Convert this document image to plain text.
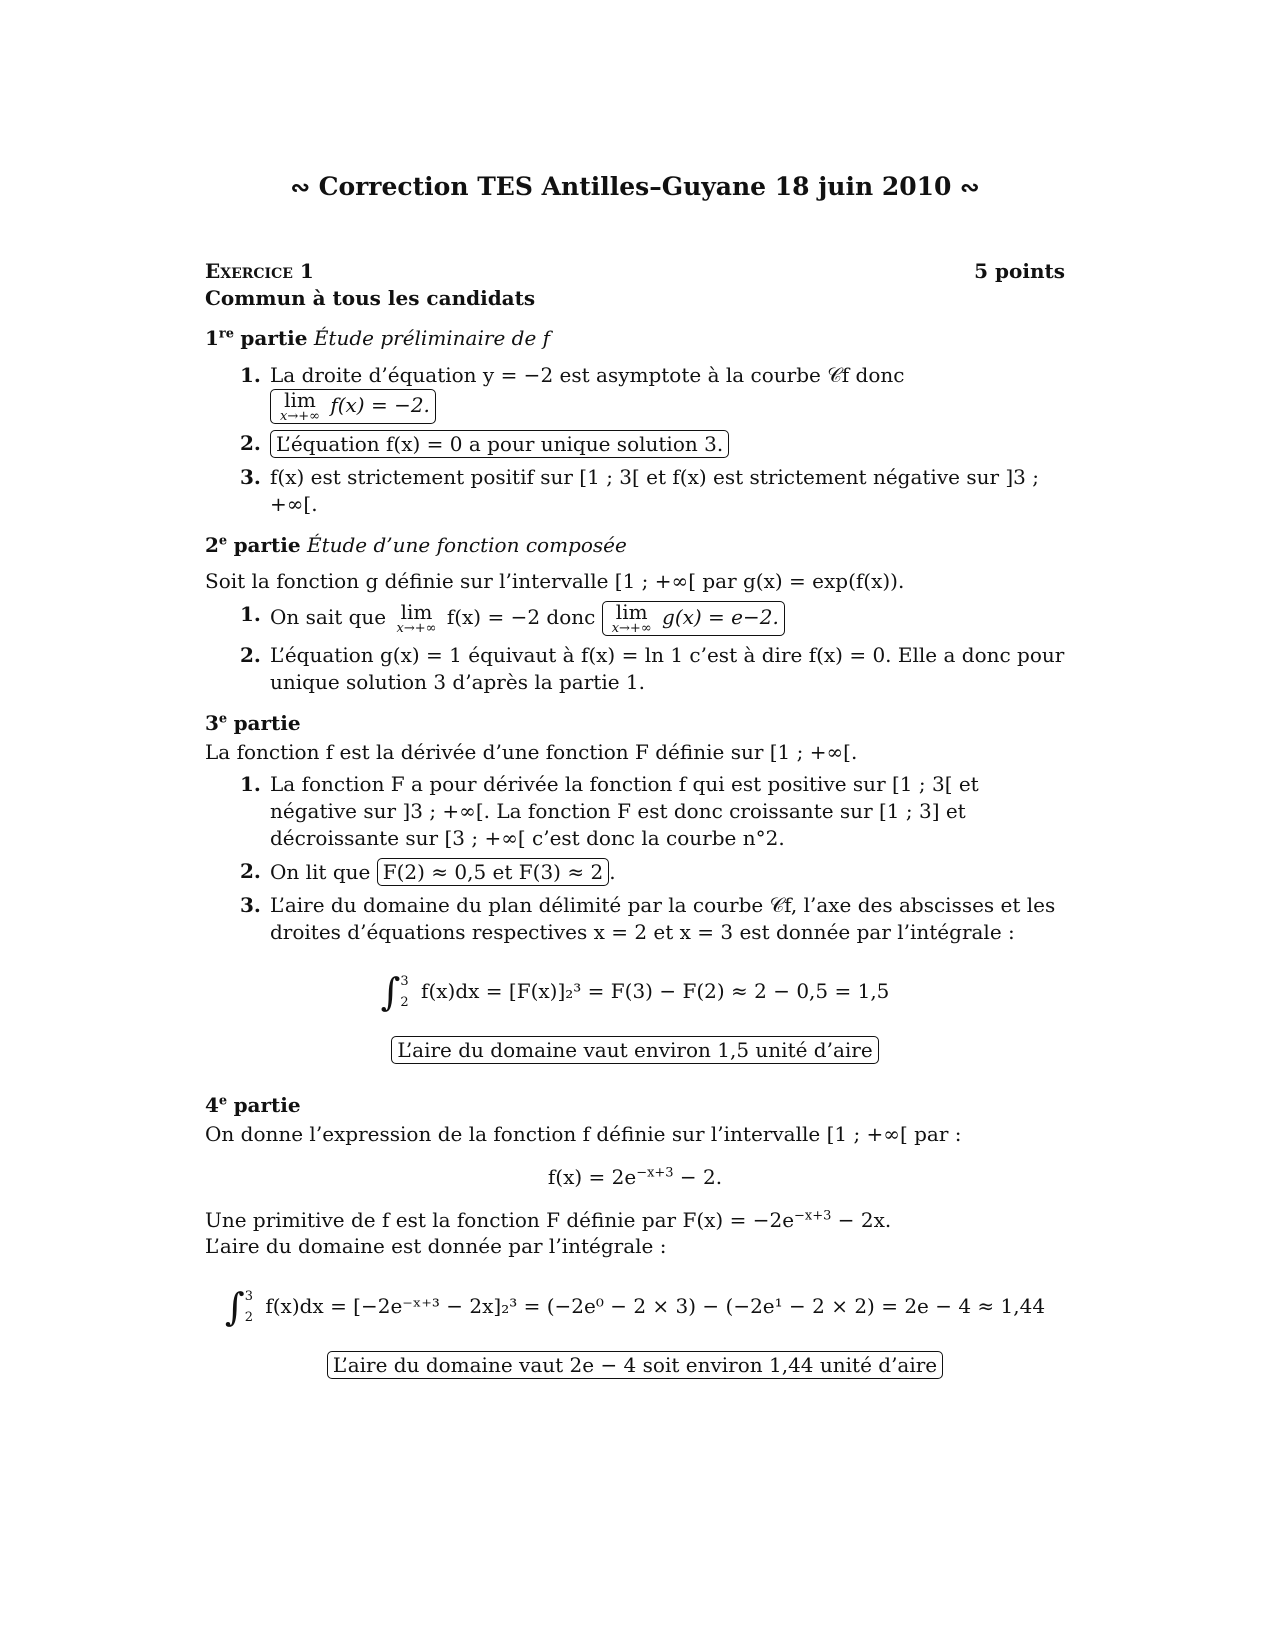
∾ Correction TES Antilles–Guyane 18 juin 2010 ∾
Exercice 1	5 points
Commun à tous les candidats
1re partie Étude préliminaire de f
1. La droite d’équation y = −2 est asymptote à la courbe 𝒞f donc
lim
x→+∞ f(x) = −2.
2. L’équation f(x) = 0 a pour unique solution 3.
3. f(x) est strictement positif sur [1 ; 3[ et f(x) est strictement négative sur ]3 ; +∞[.
2e partie Étude d’une fonction composée
Soit la fonction g définie sur l’intervalle [1 ; +∞[ par g(x) = exp(f(x)).
1. On sait que lim
x→+∞ f(x) = −2 donc lim
x→+∞ g(x) = e−2.
2. L’équation g(x) = 1 équivaut à f(x) = ln 1 c’est à dire f(x) = 0. Elle a donc pour unique solution 3 d’après la partie 1.
3e partie
La fonction f est la dérivée d’une fonction F définie sur [1 ; +∞[.
1. La fonction F a pour dérivée la fonction f qui est positive sur [1 ; 3[ et négative sur ]3 ; +∞[. La fonction F est donc croissante sur [1 ; 3] et décroissante sur [3 ; +∞[ c’est donc la courbe n°2.
2. On lit que F(2) ≈ 0,5 et F(3) ≈ 2 .
3. L’aire du domaine du plan délimité par la courbe 𝒞f, l’axe des abscisses et les droites d’équations respectives x = 2 et x = 3 est donnée par l’intégrale :
∫ 3
2 f(x)dx = [F(x)]₂³ = F(3) − F(2) ≈ 2 − 0,5 = 1,5
L’aire du domaine vaut environ 1,5 unité d’aire
4e partie
On donne l’expression de la fonction f définie sur l’intervalle [1 ; +∞[ par :
$f(x) = 2e^{-x+3} - 2$.
Une primitive de f est la fonction F définie par $F(x) = -2e^{-x+3} - 2x$.
L’aire du domaine est donnée par l’intégrale :
∫ 3
2 f(x)dx = [−2e⁻ˣ⁺³ − 2x]₂³ = (−2e⁰ − 2 × 3) − (−2e¹ − 2 × 2) = 2e − 4 ≈ 1,44
L’aire du domaine vaut 2e − 4 soit environ 1,44 unité d’aire
